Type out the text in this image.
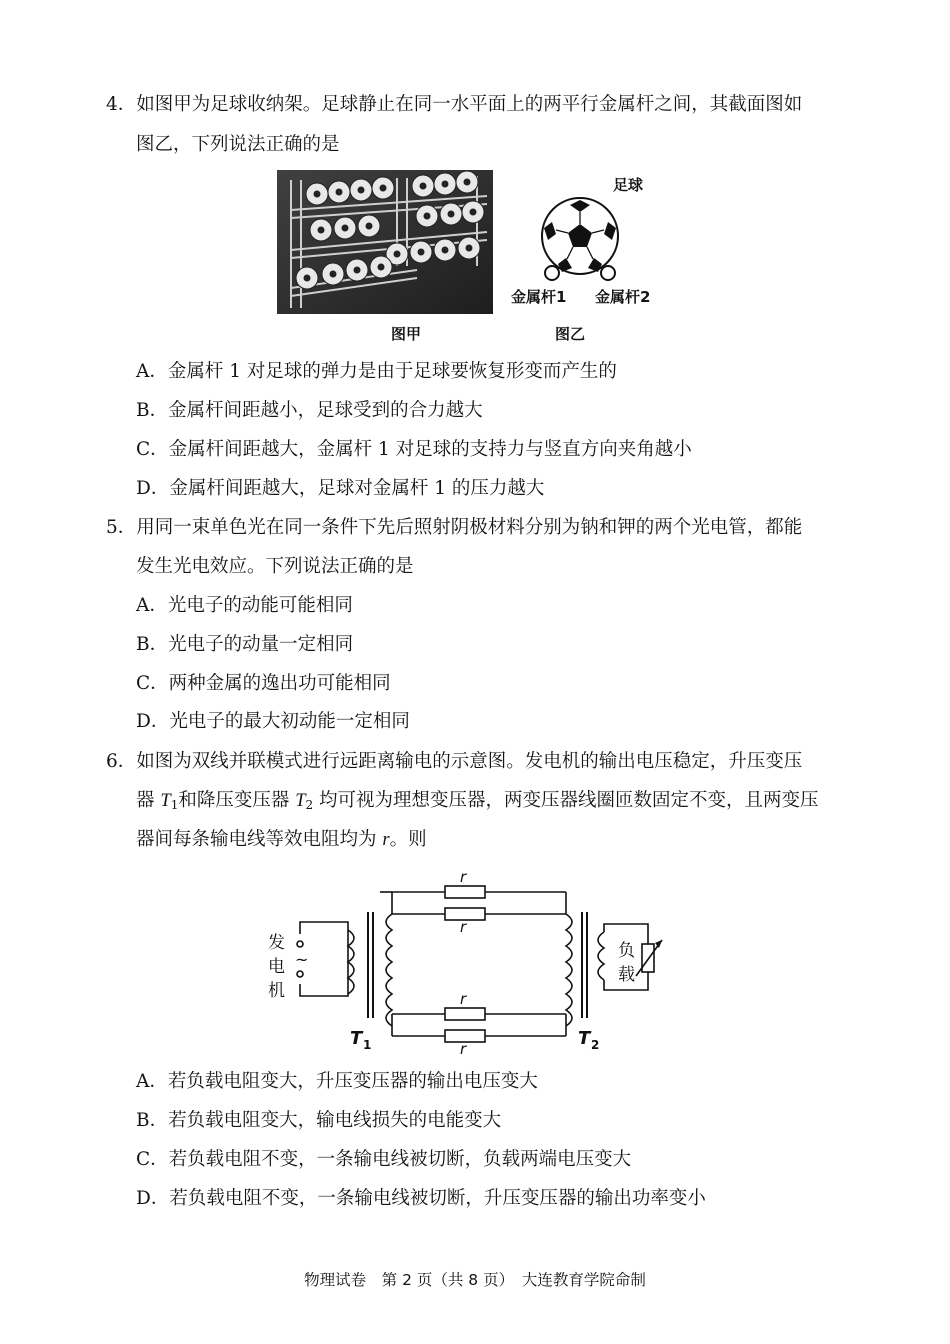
4．如图甲为足球收纳架。足球静止在同一水平面上的两平行金属杆之间，其截面图如
图乙，下列说法正确的是
足球
金属杆1 金属杆2
图甲	图乙
A．金属杆 1 对足球的弹力是由于足球要恢复形变而产生的
B．金属杆间距越小，足球受到的合力越大
C．金属杆间距越大，金属杆 1 对足球的支持力与竖直方向夹角越小
D．金属杆间距越大，足球对金属杆 1 的压力越大
5．用同一束单色光在同一条件下先后照射阴极材料分别为钠和钾的两个光电管，都能
发生光电效应。下列说法正确的是
A．光电子的动能可能相同
B．光电子的动量一定相同
C．两种金属的逸出功可能相同
D．光电子的最大初动能一定相同
6．如图为双线并联模式进行远距离输电的示意图。发电机的输出电压稳定，升压变压
器 $T_1$和降压变压器 $T_2$ 均可视为理想变压器，两变压器线圈匝数固定不变，且两变压
器间每条输电线等效电阻均为 r。则
r
r
r
r
~
发
电
机
负
载
T 1	T 2
A．若负载电阻变大，升压变压器的输出电压变大
B．若负载电阻变大，输电线损失的电能变大
C．若负载电阻不变，一条输电线被切断，负载两端电压变大
D．若负载电阻不变，一条输电线被切断，升压变压器的输出功率变小
物理试卷　第 2 页（共 8 页）　大连教育学院命制
